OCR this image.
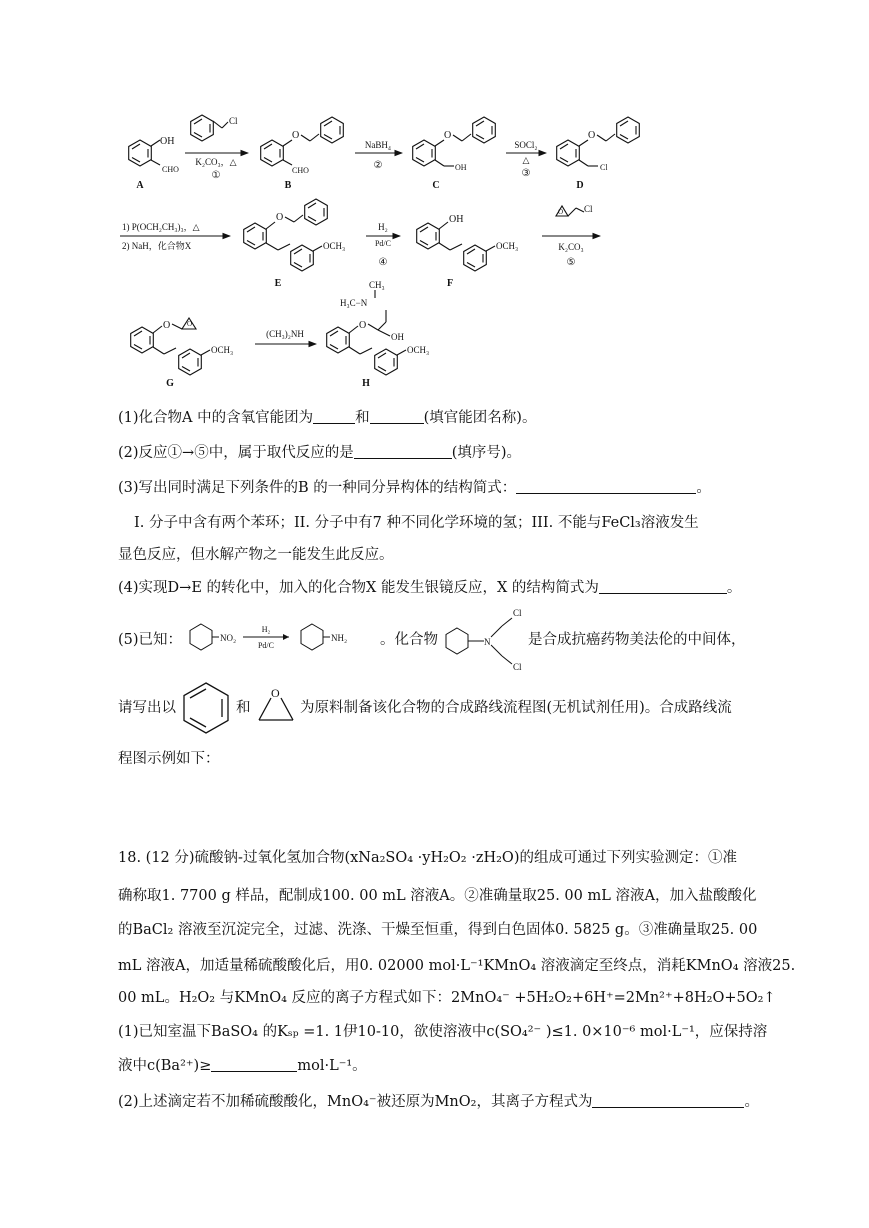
OH
CHO
A
Cl
K₂CO₃，△
①
O
CHO
B
NaBH₄
②
O
OH
C
SOCl₂
△
③
O
Cl
D
1) P(OCH₂CH₃)₃，△
2) NaH，化合物X
O
OCH₃
E
H₂
Pd/C
④
OH
OCH₃
F
O Cl
K₂CO₃
⑤
O O
OCH₃
G
(CH₃)₂NH
O
OH
H₃C−N
CH₃
OCH₃
H
(1)化合物A 中的含氧官能团为	和	(填官能团名称)。
(2)反应①→⑤中，属于取代反应的是	(填序号)。
(3)写出同时满足下列条件的B 的一种同分异构体的结构简式：	。
I. 分子中含有两个苯环；II. 分子中有7 种不同化学环境的氢；III. 不能与FeCl₃溶液发生
显色反应，但水解产物之一能发生此反应。
(4)实现D→E 的转化中，加入的化合物X 能发生银镜反应，X 的结构简式为	。
(5)已知：	NO₂
H₂
Pd/C
NH₂ 。化合物	N
Cl
Cl
是合成抗癌药物美法伦的中间体，
请写出以	和
O
为原料制备该化合物的合成路线流程图(无机试剂任用)。合成路线流
程图示例如下：
18. (12 分)硫酸钠-过氧化氢加合物(xNa₂SO₄ ·yH₂O₂ ·zH₂O)的组成可通过下列实验测定：①准
确称取1. 7700 g 样品，配制成100. 00 mL 溶液A。②准确量取25. 00 mL 溶液A，加入盐酸酸化
的BaCl₂ 溶液至沉淀完全，过滤、洗涤、干燥至恒重，得到白色固体0. 5825 g。③准确量取25. 00
mL 溶液A，加适量稀硫酸酸化后，用0. 02000 mol·L⁻¹KMnO₄ 溶液滴定至终点，消耗KMnO₄ 溶液25.
00 mL。H₂O₂ 与KMnO₄ 反应的离子方程式如下：2MnO₄⁻ +5H₂O₂+6H⁺=2Mn²⁺+8H₂O+5O₂↑
(1)已知室温下BaSO₄ 的Kₛₚ =1. 1伊10-10，欲使溶液中c(SO₄²⁻ )≤1. 0×10⁻⁶ mol·L⁻¹，应保持溶
液中c(Ba²⁺)≥	mol·L⁻¹。
(2)上述滴定若不加稀硫酸酸化，MnO₄⁻被还原为MnO₂，其离子方程式为	。
